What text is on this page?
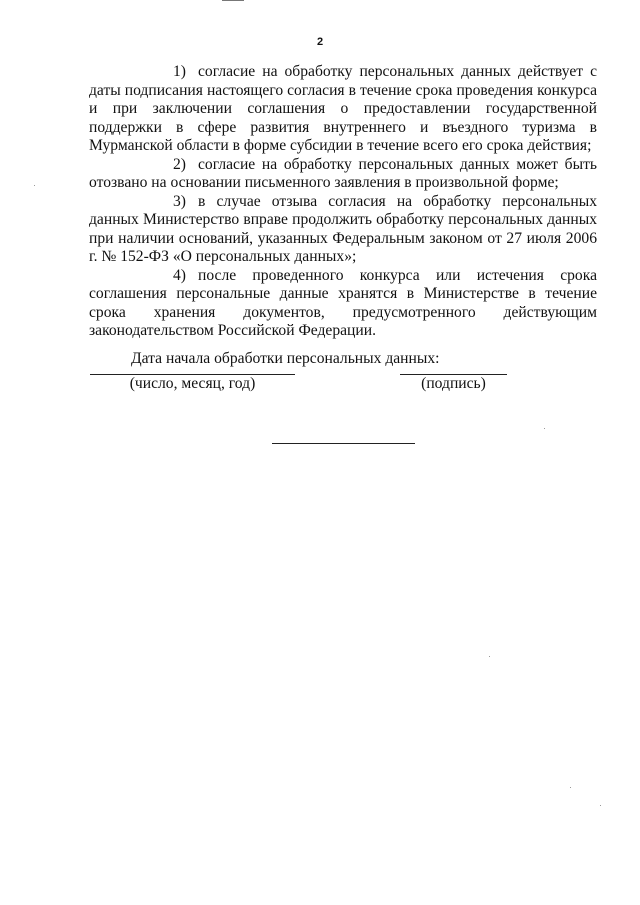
2

1) согласие на обработку персональных данных действует с даты подписания настоящего согласия в течение срока проведения конкурса и при заключении соглашения о предоставлении государственной поддержки в сфере развития внутреннего и въездного туризма в Мурманской области в форме субсидии в течение всего его срока действия;

2) согласие на обработку персональных данных может быть отозвано на основании письменного заявления в произвольной форме;

3) в случае отзыва согласия на обработку персональных данных Министерство вправе продолжить обработку персональных данных при наличии оснований, указанных Федеральным законом от 27 июля 2006 г. № 152-ФЗ «О персональных данных»;

4) после проведенного конкурса или истечения срока соглашения персональные данные хранятся в Министерстве в течение срока хранения документов, предусмотренного действующим законодательством Российской Федерации.

Дата начала обработки персональных данных:

(число, месяц, год)	(подпись)
